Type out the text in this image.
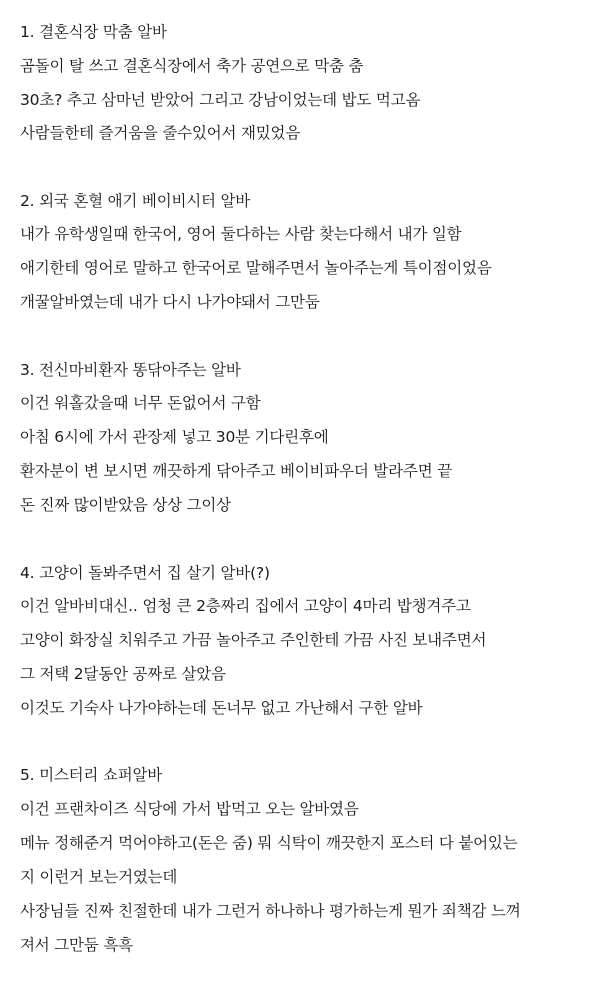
1. 결혼식장 막춤 알바
곰돌이 탈 쓰고 결혼식장에서 축가 공연으로 막춤 춤
30초? 추고 삼마넌 받았어 그리고 강남이었는데 밥도 먹고옴
사람들한테 즐거움을 줄수있어서 재밌었음
2. 외국 혼혈 애기 베이비시터 알바
내가 유학생일때 한국어, 영어 둘다하는 사람 찾는다해서 내가 일함
애기한테 영어로 말하고 한국어로 말해주면서 놀아주는게 특이점이었음
개꿀알바였는데 내가 다시 나가야돼서 그만둠
3. 전신마비환자 똥닦아주는 알바
이건 워홀갔을때 너무 돈없어서 구함
아침 6시에 가서 관장제 넣고 30분 기다린후에
환자분이 변 보시면 깨끗하게 닦아주고 베이비파우더 발라주면 끝
돈 진짜 많이받았음 상상 그이상
4. 고양이 돌봐주면서 집 살기 알바(?)
이건 알바비대신.. 엄청 큰 2층짜리 집에서 고양이 4마리 밥챙겨주고
고양이 화장실 치워주고 가끔 놀아주고 주인한테 가끔 사진 보내주면서
그 저택 2달동안 공짜로 살았음
이것도 기숙사 나가야하는데 돈너무 없고 가난해서 구한 알바
5. 미스터리 쇼퍼알바
이건 프랜차이즈 식당에 가서 밥먹고 오는 알바였음
메뉴 정해준거 먹어야하고(돈은 줌) 뭐 식탁이 깨끗한지 포스터 다 붙어있는
지 이런거 보는거였는데
사장님들 진짜 친절한데 내가 그런거 하나하나 평가하는게 뭔가 죄책감 느껴
져서 그만둠 흑흑
